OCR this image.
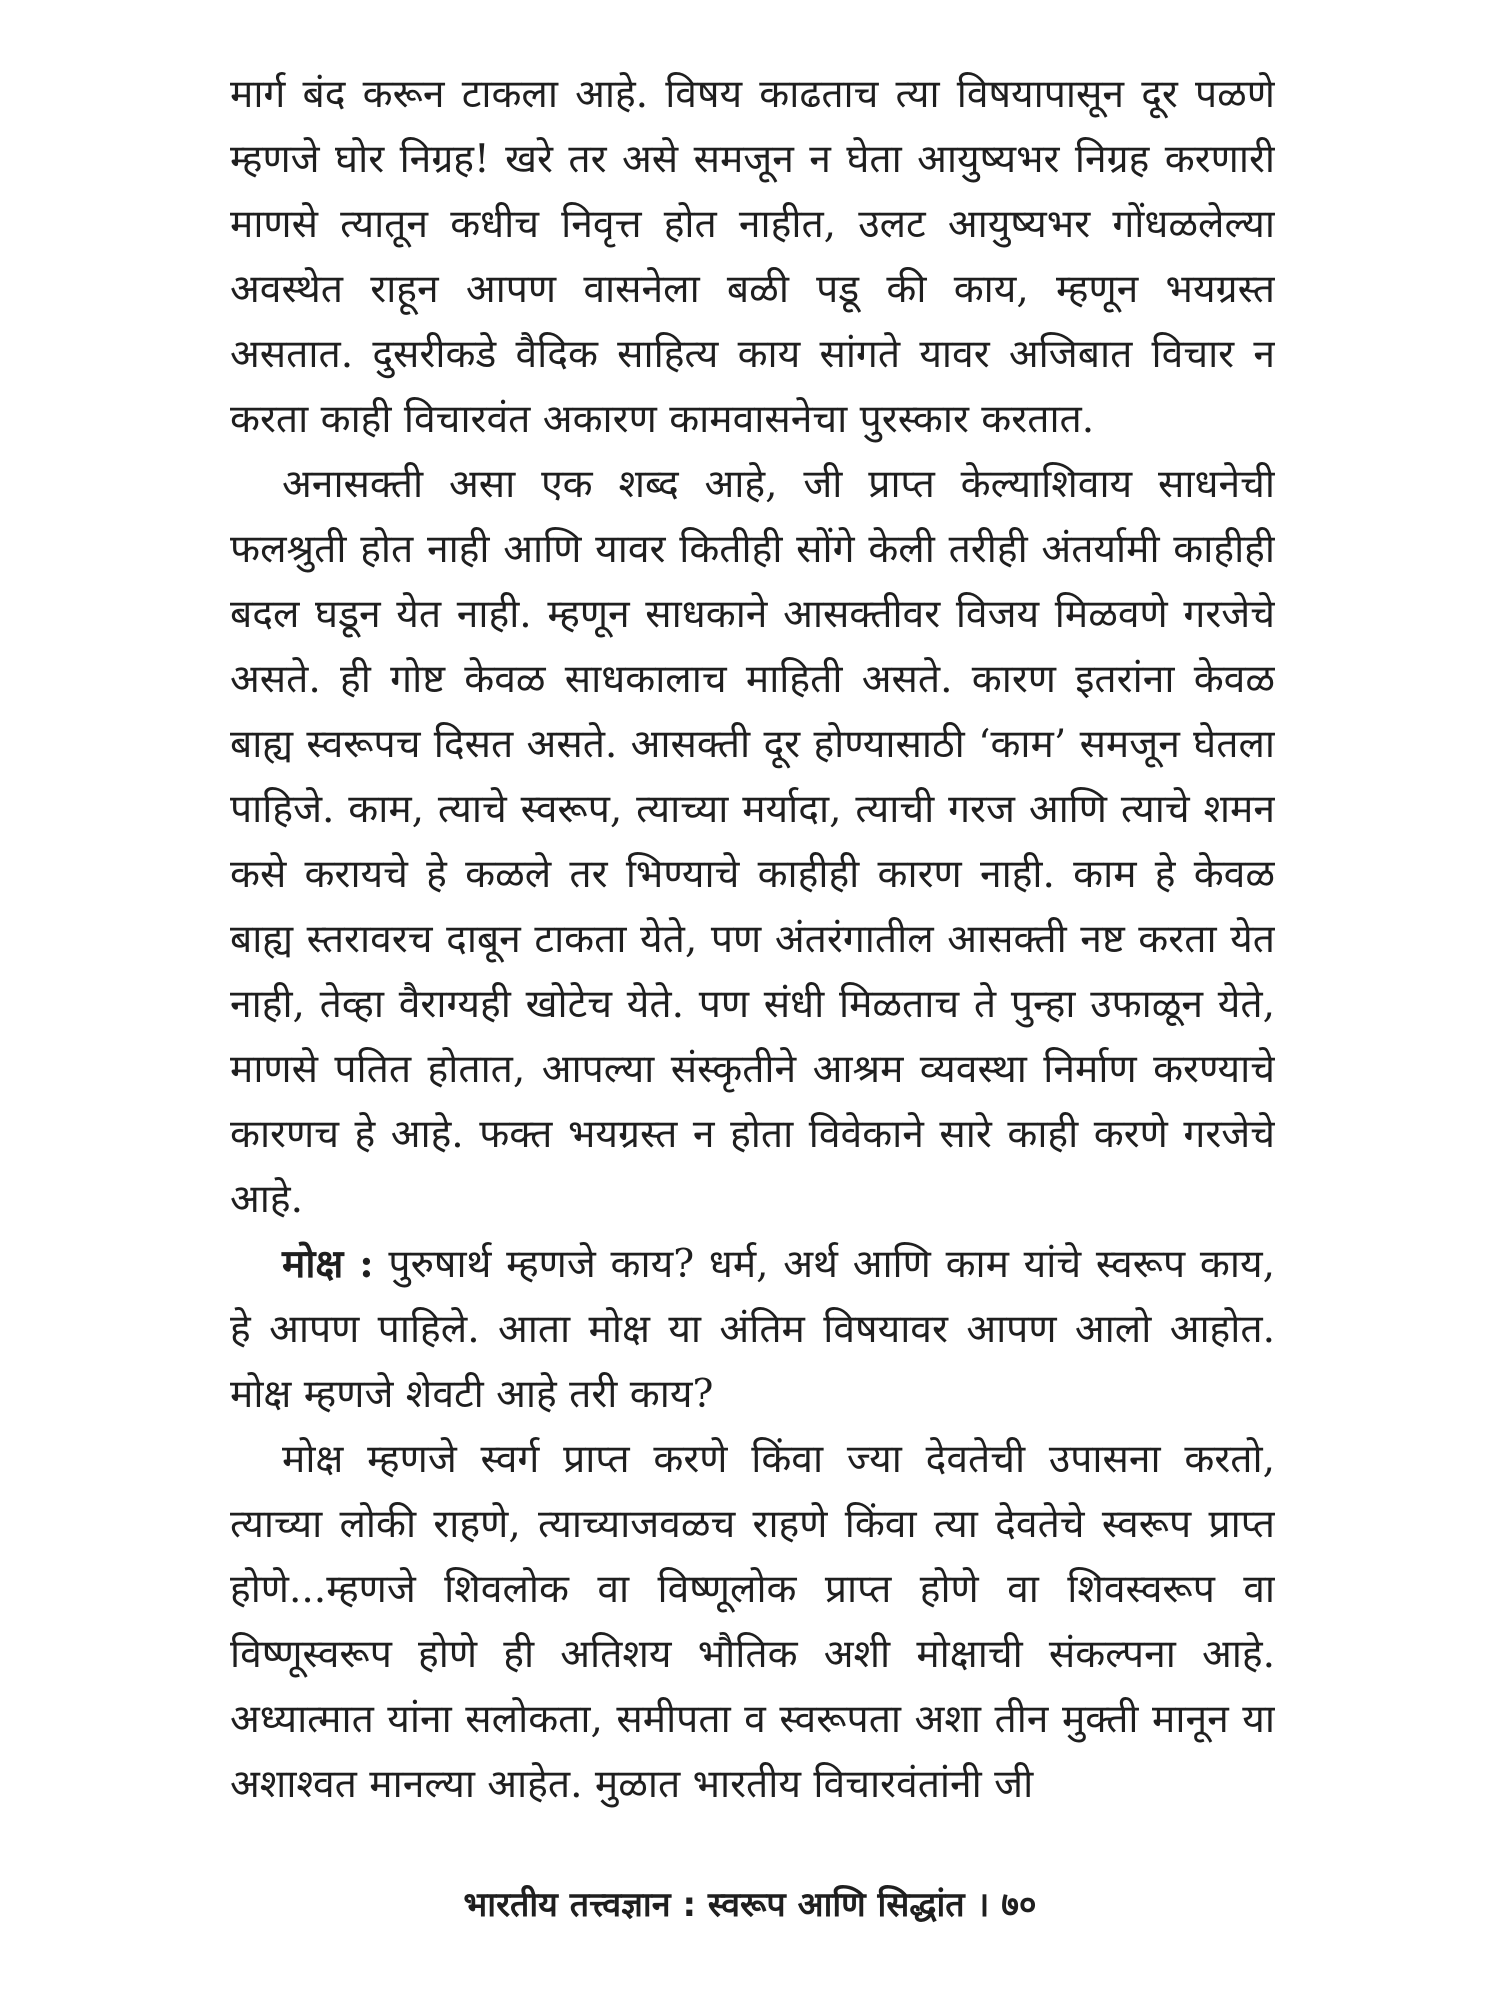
मार्ग बंद करून टाकला आहे. विषय काढताच त्या विषयापासून दूर पळणे म्हणजे घोर निग्रह! खरे तर असे समजून न घेता आयुष्यभर निग्रह करणारी माणसे त्यातून कधीच निवृत्त होत नाहीत, उलट आयुष्यभर गोंधळलेल्या अवस्थेत राहून आपण वासनेला बळी पडू की काय, म्हणून भयग्रस्त असतात. दुसरीकडे वैदिक साहित्य काय सांगते यावर अजिबात विचार न करता काही विचारवंत अकारण कामवासनेचा पुरस्कार करतात.

अनासक्ती असा एक शब्द आहे, जी प्राप्त केल्याशिवाय साधनेची फलश्रुती होत नाही आणि यावर कितीही सोंगे केली तरीही अंतर्यामी काहीही बदल घडून येत नाही. म्हणून साधकाने आसक्तीवर विजय मिळवणे गरजेचे असते. ही गोष्ट केवळ साधकालाच माहिती असते. कारण इतरांना केवळ बाह्य स्वरूपच दिसत असते. आसक्ती दूर होण्यासाठी ‘काम’ समजून घेतला पाहिजे. काम, त्याचे स्वरूप, त्याच्या मर्यादा, त्याची गरज आणि त्याचे शमन कसे करायचे हे कळले तर भिण्याचे काहीही कारण नाही. काम हे केवळ बाह्य स्तरावरच दाबून टाकता येते, पण अंतरंगातील आसक्ती नष्ट करता येत नाही, तेव्हा वैराग्यही खोटेच येते. पण संधी मिळताच ते पुन्हा उफाळून येते, माणसे पतित होतात, आपल्या संस्कृतीने आश्रम व्यवस्था निर्माण करण्याचे कारणच हे आहे. फक्त भयग्रस्त न होता विवेकाने सारे काही करणे गरजेचे आहे.

मोक्ष : पुरुषार्थ म्हणजे काय? धर्म, अर्थ आणि काम यांचे स्वरूप काय, हे आपण पाहिले. आता मोक्ष या अंतिम विषयावर आपण आलो आहोत. मोक्ष म्हणजे शेवटी आहे तरी काय?

मोक्ष म्हणजे स्वर्ग प्राप्त करणे किंवा ज्या देवतेची उपासना करतो, त्याच्या लोकी राहणे, त्याच्याजवळच राहणे किंवा त्या देवतेचे स्वरूप प्राप्त होणे...म्हणजे शिवलोक वा विष्णूलोक प्राप्त होणे वा शिवस्वरूप वा विष्णूस्वरूप होणे ही अतिशय भौतिक अशी मोक्षाची संकल्पना आहे. अध्यात्मात यांना सलोकता, समीपता व स्वरूपता अशा तीन मुक्ती मानून या अशाश्वत मानल्या आहेत. मुळात भारतीय विचारवंतांनी जी

भारतीय तत्त्वज्ञान : स्वरूप आणि सिद्धांत । ७०
